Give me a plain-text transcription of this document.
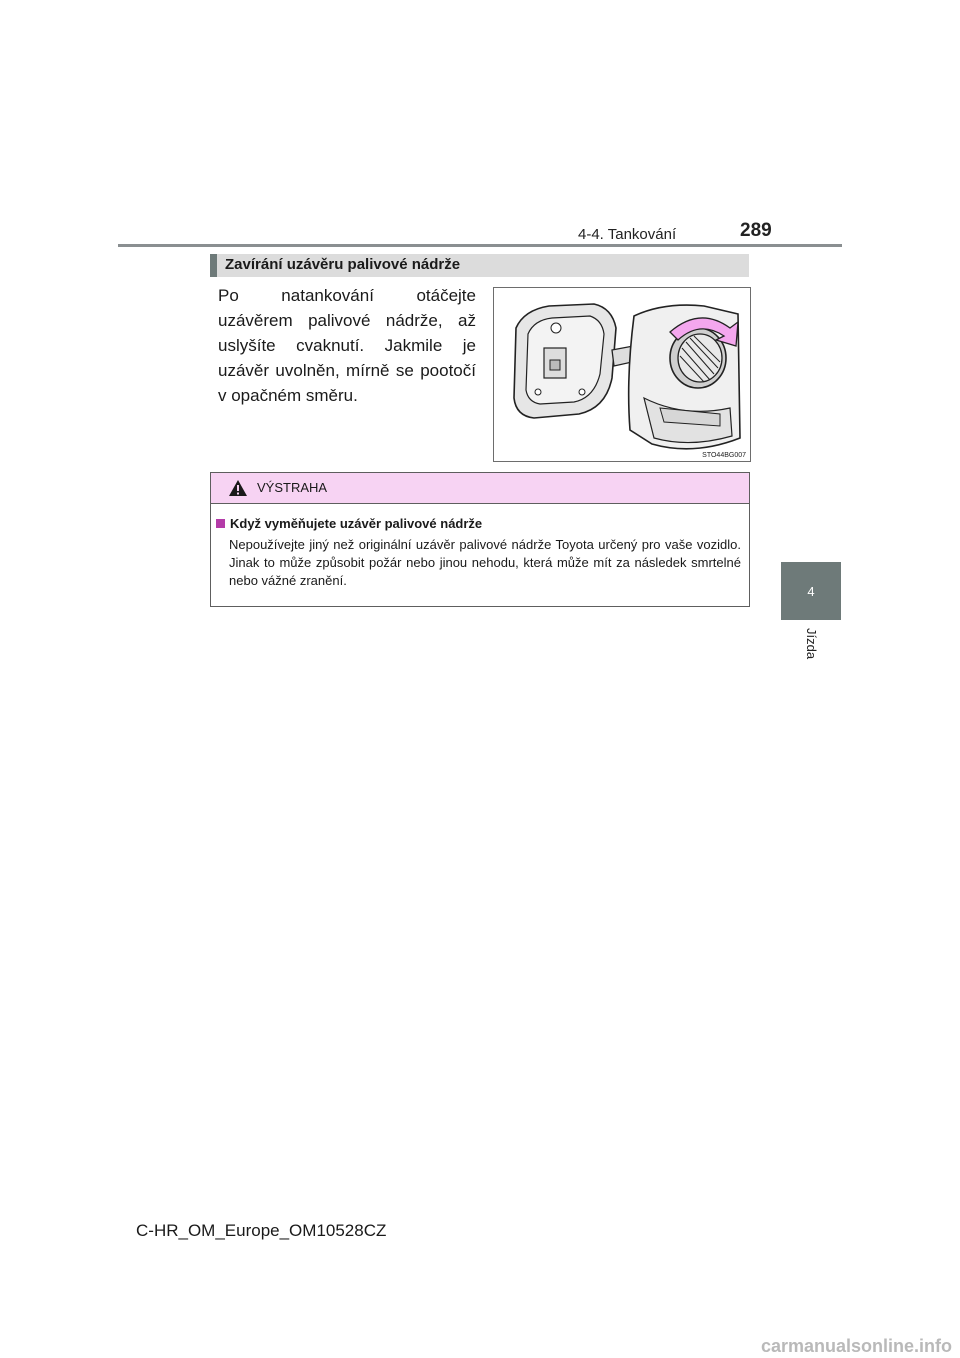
4-4. Tankování	289
4
Jízda
Zavírání uzávěru palivové nádrže
Po natankování otáčejte uzávěrem palivové nádrže, až uslyšíte cvaknutí. Jakmile je uzávěr uvolněn, mírně se pootočí v opačném směru.
STO44BG007
VÝSTRAHA
Když vyměňujete uzávěr palivové nádrže
Nepoužívejte jiný než originální uzávěr palivové nádrže Toyota určený pro vaše vozidlo. Jinak to může způsobit požár nebo jinou nehodu, která může mít za následek smrtelné nebo vážné zranění.
C-HR_OM_Europe_OM10528CZ
carmanualsonline.info
